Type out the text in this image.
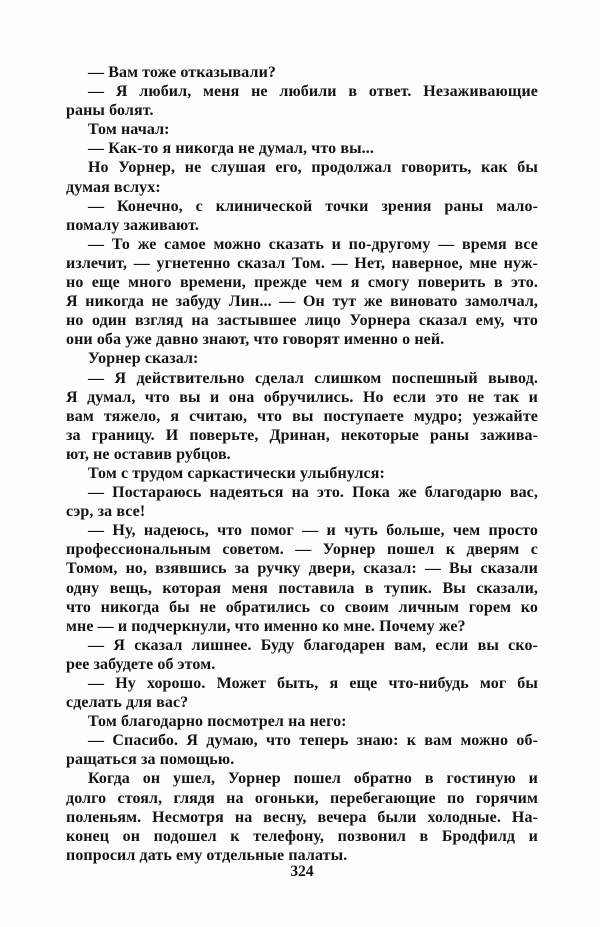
— Вам тоже отказывали?
— Я любил, меня не любили в ответ. Незаживающие
раны болят.
Том начал:
— Как-то я никогда не думал, что вы...
Но Уорнер, не слушая его, продолжал говорить, как бы
думая вслух:
— Конечно, с клинической точки зрения раны мало-
помалу заживают.
— То же самое можно сказать и по-другому — время все
излечит, — угнетенно сказал Том. — Нет, наверное, мне нуж-
но еще много времени, прежде чем я смогу поверить в это.
Я никогда не забуду Лин... — Он тут же виновато замолчал,
но один взгляд на застывшее лицо Уорнера сказал ему, что
они оба уже давно знают, что говорят именно о ней.
Уорнер сказал:
— Я действительно сделал слишком поспешный вывод.
Я думал, что вы и она обручились. Но если это не так и
вам тяжело, я считаю, что вы поступаете мудро; уезжайте
за границу. И поверьте, Дринан, некоторые раны зажива-
ют, не оставив рубцов.
Том с трудом саркастически улыбнулся:
— Постараюсь надеяться на это. Пока же благодарю вас,
сэр, за все!
— Ну, надеюсь, что помог — и чуть больше, чем просто
профессиональным советом. — Уорнер пошел к дверям с
Томом, но, взявшись за ручку двери, сказал: — Вы сказали
одну вещь, которая меня поставила в тупик. Вы сказали,
что никогда бы не обратились со своим личным горем ко
мне — и подчеркнули, что именно ко мне. Почему же?
— Я сказал лишнее. Буду благодарен вам, если вы ско-
рее забудете об этом.
— Ну хорошо. Может быть, я еще что-нибудь мог бы
сделать для вас?
Том благодарно посмотрел на него:
— Спасибо. Я думаю, что теперь знаю: к вам можно об-
ращаться за помощью.
Когда он ушел, Уорнер пошел обратно в гостиную и
долго стоял, глядя на огоньки, перебегающие по горячим
поленьям. Несмотря на весну, вечера были холодные. На-
конец он подошел к телефону, позвонил в Бродфилд и
попросил дать ему отдельные палаты.
324
